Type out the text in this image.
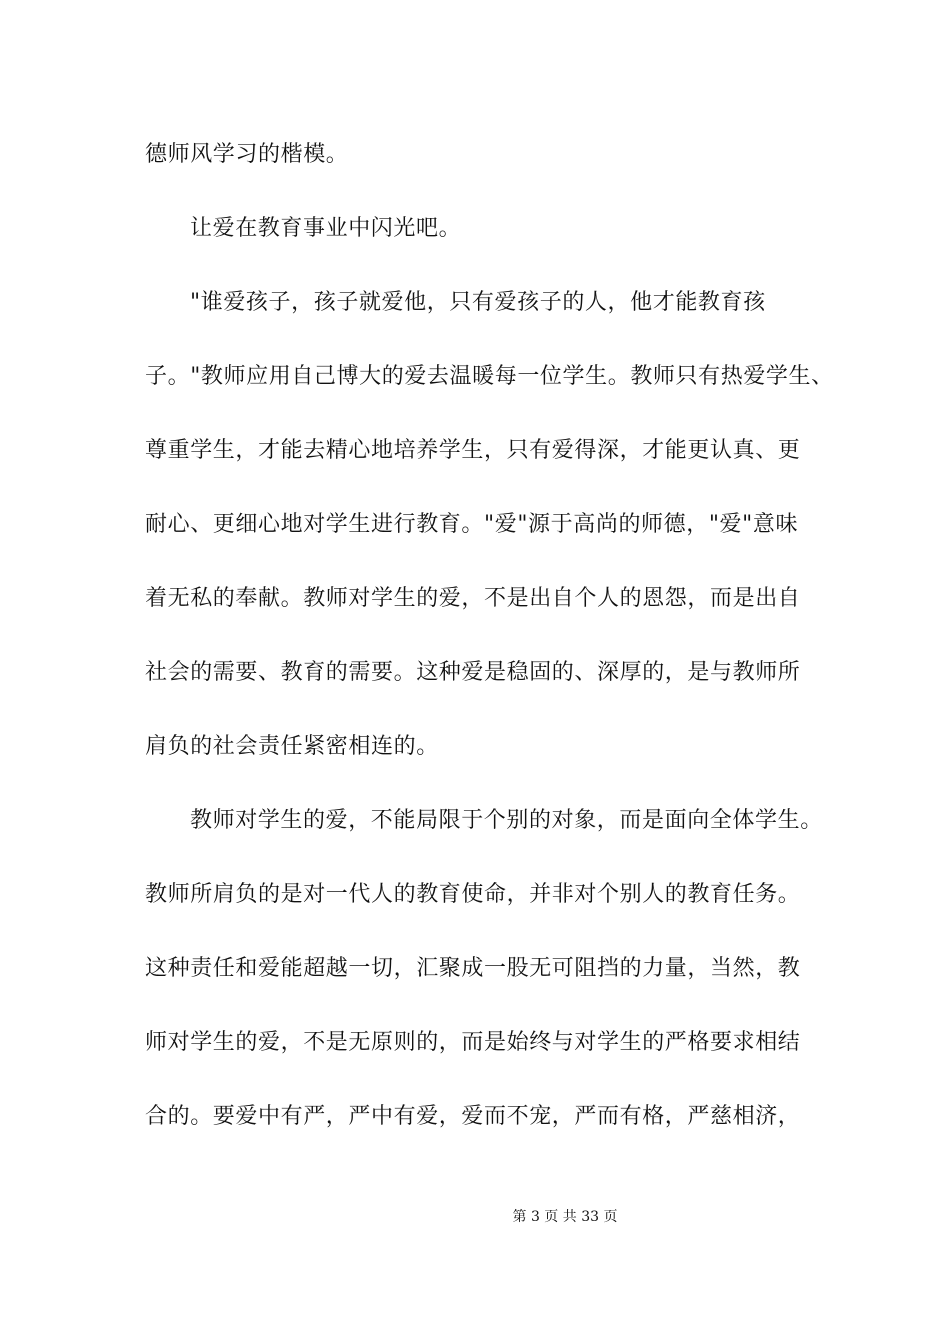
德师风学习的楷模。
让爱在教育事业中闪光吧。
"谁爱孩子，孩子就爱他，只有爱孩子的人，他才能教育孩
子。"教师应用自己博大的爱去温暖每一位学生。教师只有热爱学生、
尊重学生，才能去精心地培养学生，只有爱得深，才能更认真、更
耐心、更细心地对学生进行教育。"爱"源于高尚的师德，"爱"意味
着无私的奉献。教师对学生的爱，不是出自个人的恩怨，而是出自
社会的需要、教育的需要。这种爱是稳固的、深厚的，是与教师所
肩负的社会责任紧密相连的。
教师对学生的爱，不能局限于个别的对象，而是面向全体学生。
教师所肩负的是对一代人的教育使命，并非对个别人的教育任务。
这种责任和爱能超越一切，汇聚成一股无可阻挡的力量，当然，教
师对学生的爱，不是无原则的，而是始终与对学生的严格要求相结
合的。要爱中有严，严中有爱，爱而不宠，严而有格，严慈相济，
第 3 页 共 33 页
